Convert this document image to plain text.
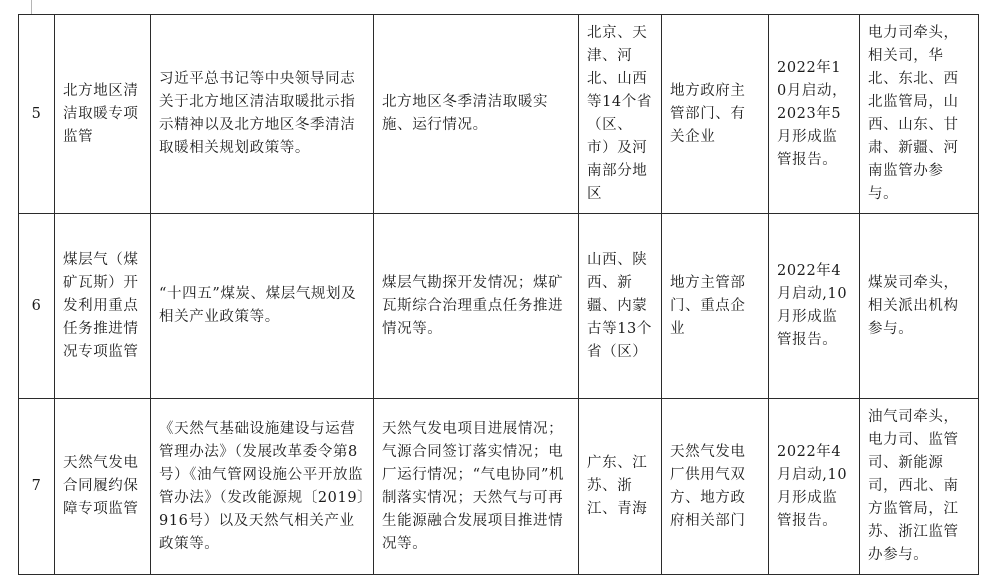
5	北方地区清洁取暖专项监管	习近平总书记等中央领导同志关于北方地区清洁取暖批示指示精神以及北方地区冬季清洁取暖相关规划政策等。	北方地区冬季清洁取暖实施、运行情况。	北京、天津、河北、山西等14个省（区、市）及河南部分地区	地方政府主管部门、有关企业	2022年10月启动，2023年5月形成监管报告。	电力司牵头，相关司，华北、东北、西北监管局，山西、山东、甘肃、新疆、河南监管办参与。
6	煤层气（煤矿瓦斯）开发利用重点任务推进情况专项监管	“十四五”煤炭、煤层气规划及相关产业政策等。	煤层气勘探开发情况；煤矿瓦斯综合治理重点任务推进情况等。	山西、陕西、新疆、内蒙古等13个省（区）	地方主管部门、重点企业	2022年4月启动,10月形成监管报告。	煤炭司牵头，相关派出机构参与。
7	天然气发电合同履约保障专项监管	《天然气基础设施建设与运营管理办法》（发展改革委令第8号）《油气管网设施公平开放监管办法》（发改能源规〔2019〕916号）以及天然气相关产业政策等。	天然气发电项目进展情况；气源合同签订落实情况；电厂运行情况；“气电协同”机制落实情况；天然气与可再生能源融合发展项目推进情况等。	广东、江苏、浙江、青海	天然气发电厂供用气双方、地方政府相关部门	2022年4月启动,10月形成监管报告。	油气司牵头，电力司、监管司、新能源司，西北、南方监管局，江苏、浙江监管办参与。
